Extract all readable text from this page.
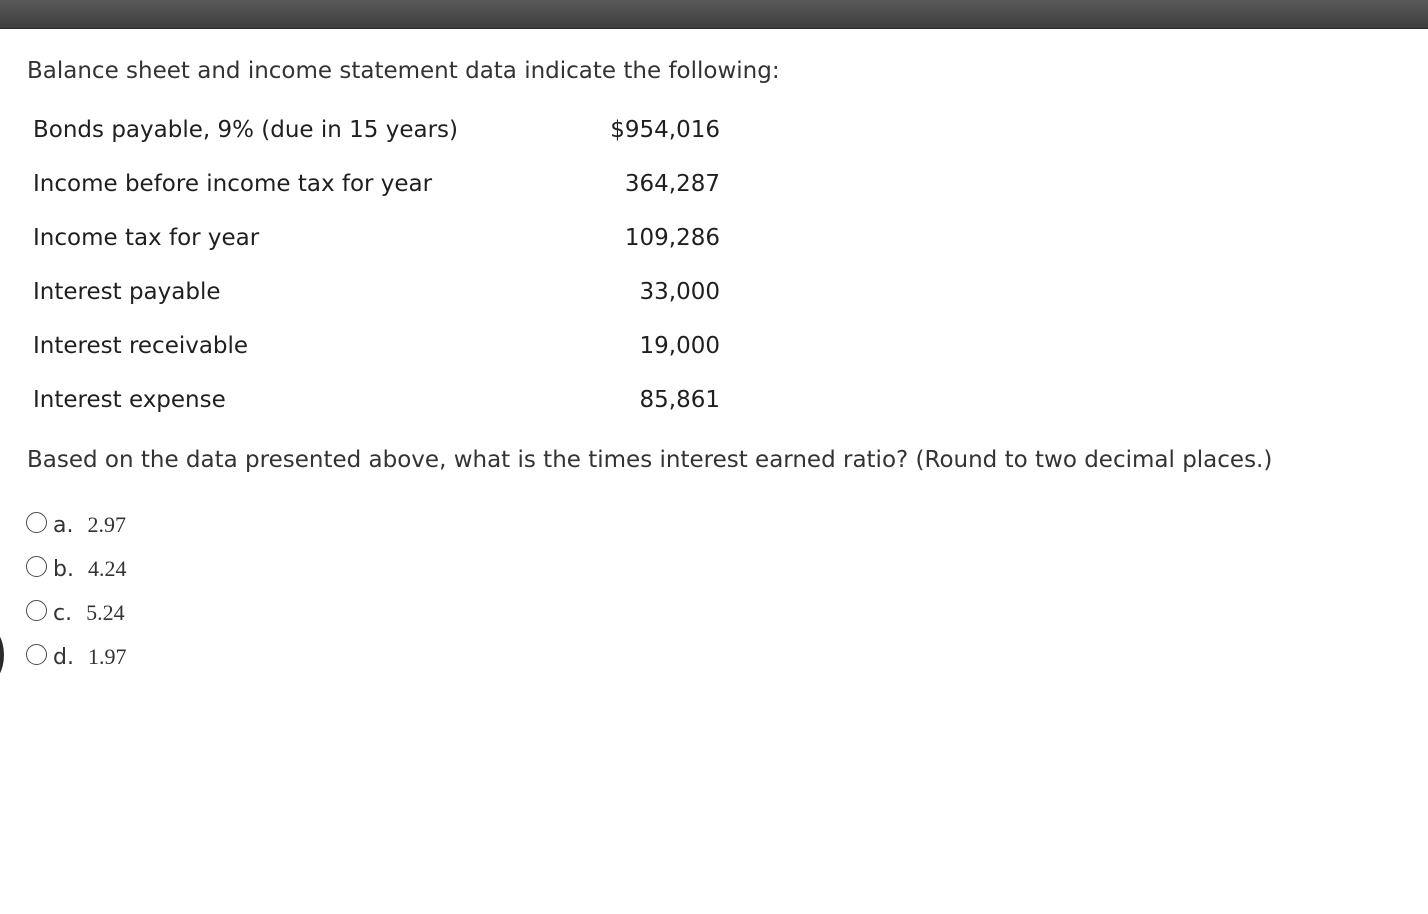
Balance sheet and income statement data indicate the following:
Bonds payable, 9% (due in 15 years)	$954,016
Income before income tax for year	364,287
Income tax for year	109,286
Interest payable	33,000
Interest receivable	19,000
Interest expense	85,861
Based on the data presented above, what is the times interest earned ratio? (Round to two decimal places.)
a. 2.97
b. 4.24
c. 5.24
d. 1.97
